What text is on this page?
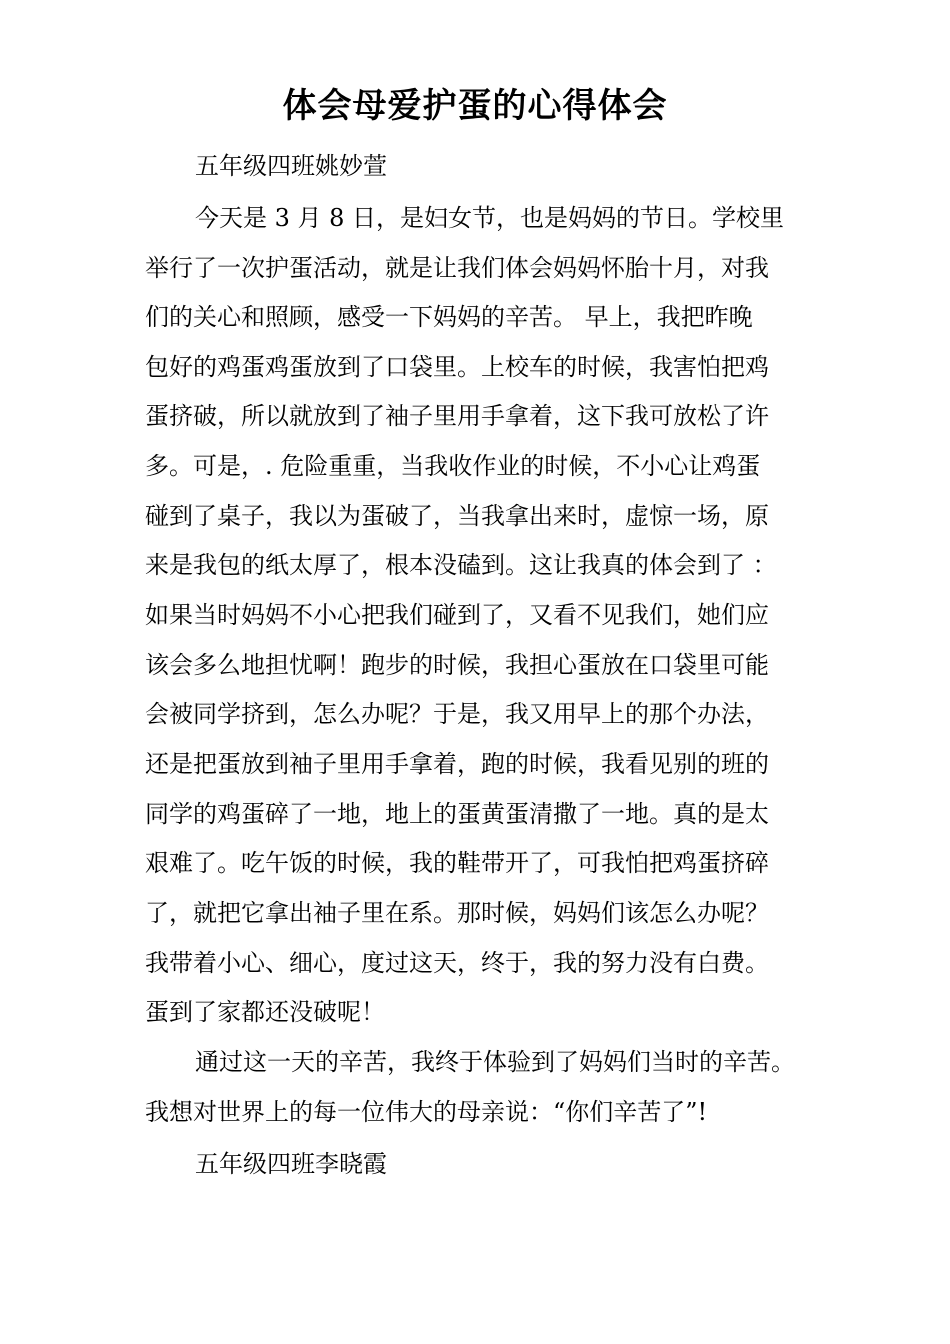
体会母爱护蛋的心得体会

五年级四班姚妙萱

今天是 3 月 8 日，是妇女节，也是妈妈的节日。学校里

举行了一次护蛋活动，就是让我们体会妈妈怀胎十月，对我

们的关心和照顾，感受一下妈妈的辛苦。 早上，我把昨晚

包好的鸡蛋鸡蛋放到了口袋里。上校车的时候，我害怕把鸡

蛋挤破，所以就放到了袖子里用手拿着，这下我可放松了许

多。可是，. 危险重重，当我收作业的时候，不小心让鸡蛋

碰到了桌子，我以为蛋破了，当我拿出来时，虚惊一场，原

来是我包的纸太厚了，根本没磕到。这让我真的体会到了 ：

如果当时妈妈不小心把我们碰到了，又看不见我们，她们应

该会多么地担忧啊！跑步的时候，我担心蛋放在口袋里可能

会被同学挤到，怎么办呢？于是，我又用早上的那个办法，

还是把蛋放到袖子里用手拿着，跑的时候，我看见别的班的

同学的鸡蛋碎了一地，地上的蛋黄蛋清撒了一地。真的是太

艰难了。吃午饭的时候，我的鞋带开了，可我怕把鸡蛋挤碎

了，就把它拿出袖子里在系。那时候，妈妈们该怎么办呢？

我带着小心、细心，度过这天，终于，我的努力没有白费。

蛋到了家都还没破呢！

通过这一天的辛苦，我终于体验到了妈妈们当时的辛苦。

我想对世界上的每一位伟大的母亲说：“你们辛苦了”!

五年级四班李晓霞
